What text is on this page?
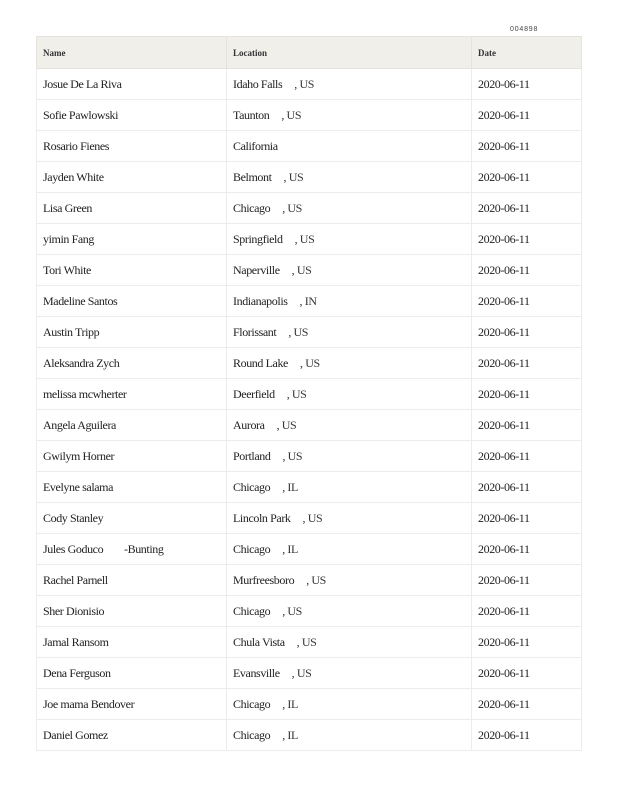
004898
Name	Location	Date
Josue De La Riva	Idaho Falls , US	2020-06-11
Sofie Pawlowski	Taunton , US	2020-06-11
Rosario Fienes	California	2020-06-11
Jayden White	Belmont , US	2020-06-11
Lisa Green	Chicago , US	2020-06-11
yimin Fang	Springfield , US	2020-06-11
Tori White	Naperville , US	2020-06-11
Madeline Santos	Indianapolis , IN	2020-06-11
Austin Tripp	Florissant , US	2020-06-11
Aleksandra Zych	Round Lake , US	2020-06-11
melissa mcwherter	Deerfield , US	2020-06-11
Angela Aguilera	Aurora , US	2020-06-11
Gwilym Horner	Portland , US	2020-06-11
Evelyne salama	Chicago , IL	2020-06-11
Cody Stanley	Lincoln Park , US	2020-06-11
Jules Goduco        -Bunting	Chicago , IL	2020-06-11
Rachel Parnell	Murfreesboro , US	2020-06-11
Sher Dionisio	Chicago , US	2020-06-11
Jamal Ransom	Chula Vista , US	2020-06-11
Dena Ferguson	Evansville , US	2020-06-11
Joe mama Bendover	Chicago , IL	2020-06-11
Daniel Gomez	Chicago , IL	2020-06-11
